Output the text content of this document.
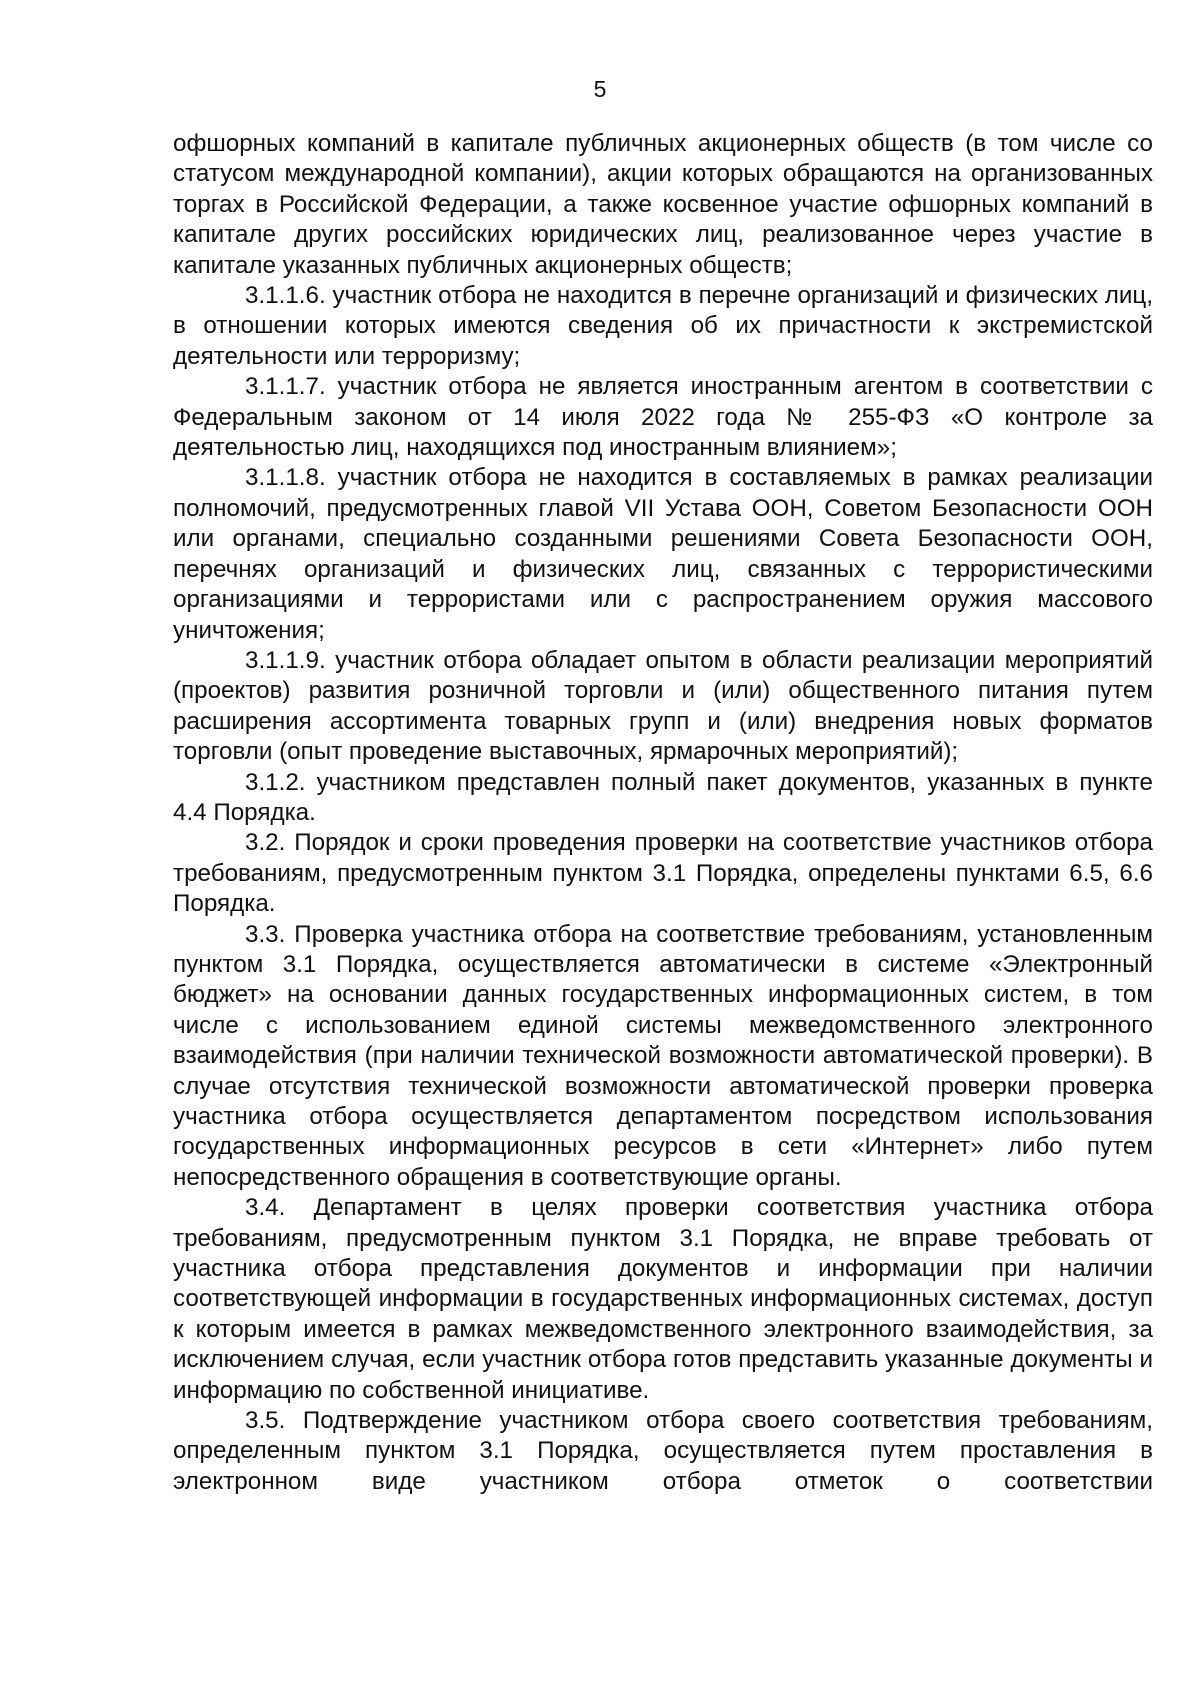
5

офшорных компаний в капитале публичных акционерных обществ (в том числе со статусом международной компании), акции которых обращаются на организованных торгах в Российской Федерации, а также косвенное участие офшорных компаний в капитале других российских юридических лиц, реализованное через участие в капитале указанных публичных акционерных обществ;

3.1.1.6. участник отбора не находится в перечне организаций и физических лиц, в отношении которых имеются сведения об их причастности к экстремистской деятельности или терроризму;

3.1.1.7. участник отбора не является иностранным агентом в соответствии с Федеральным законом от 14 июля 2022 года № 255-ФЗ «О контроле за деятельностью лиц, находящихся под иностранным влиянием»;

3.1.1.8. участник отбора не находится в составляемых в рамках реализации полномочий, предусмотренных главой VII Устава ООН, Советом Безопасности ООН или органами, специально созданными решениями Совета Безопасности ООН, перечнях организаций и физических лиц, связанных с террористическими организациями и террористами или с распространением оружия массового уничтожения;

3.1.1.9. участник отбора обладает опытом в области реализации мероприятий (проектов) развития розничной торговли и (или) общественного питания путем расширения ассортимента товарных групп и (или) внедрения новых форматов торговли (опыт проведение выставочных, ярмарочных мероприятий);

3.1.2. участником представлен полный пакет документов, указанных в пункте 4.4 Порядка.

3.2. Порядок и сроки проведения проверки на соответствие участников отбора требованиям, предусмотренным пунктом 3.1 Порядка, определены пунктами 6.5, 6.6 Порядка.

3.3. Проверка участника отбора на соответствие требованиям, установленным пунктом 3.1 Порядка, осуществляется автоматически в системе «Электронный бюджет» на основании данных государственных информационных систем, в том числе с использованием единой системы межведомственного электронного взаимодействия (при наличии технической возможности автоматической проверки). В случае отсутствия технической возможности автоматической проверки проверка участника отбора осуществляется департаментом посредством использования государственных информационных ресурсов в сети «Интернет» либо путем непосредственного обращения в соответствующие органы.

3.4. Департамент в целях проверки соответствия участника отбора требованиям, предусмотренным пунктом 3.1 Порядка, не вправе требовать от участника отбора представления документов и информации при наличии соответствующей информации в государственных информационных системах, доступ к которым имеется в рамках межведомственного электронного взаимодействия, за исключением случая, если участник отбора готов представить указанные документы и информацию по собственной инициативе.

3.5. Подтверждение участником отбора своего соответствия требованиям, определенным пунктом 3.1 Порядка, осуществляется путем проставления в электронном виде участником отбора отметок о соответствии
